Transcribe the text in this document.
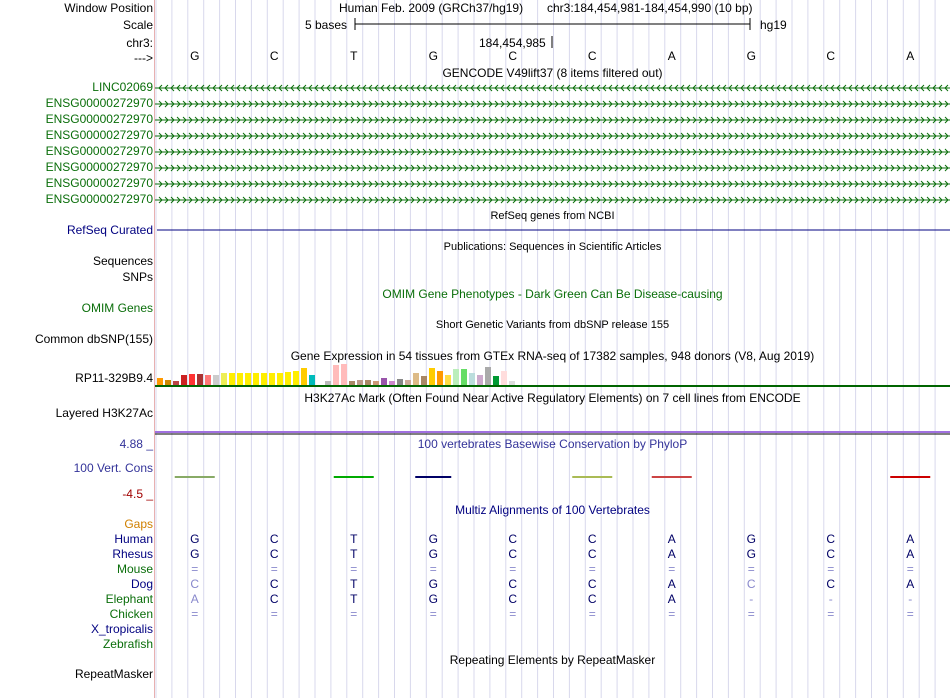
Window Position	Human Feb. 2009 (GRCh37/hg19) chr3:184,454,981-184,454,990 (10 bp)
Scale	5 bases	hg19
chr3:	184,454,985
--->	G	C	T	G	C	C	A	G	C	A
GENCODE V49lift37 (8 items filtered out)
LINC02069
ENSG00000272970
ENSG00000272970
ENSG00000272970
ENSG00000272970
ENSG00000272970
ENSG00000272970
ENSG00000272970
RefSeq genes from NCBI
RefSeq Curated
Publications: Sequences in Scientific Articles
Sequences
SNPs
OMIM Gene Phenotypes - Dark Green Can Be Disease-causing
OMIM Genes
Short Genetic Variants from dbSNP release 155
Common dbSNP(155)
Gene Expression in 54 tissues from GTEx RNA-seq of 17382 samples, 948 donors (V8, Aug 2019)
RP11-329B9.4
H3K27Ac Mark (Often Found Near Active Regulatory Elements) on 7 cell lines from ENCODE
Layered H3K27Ac
100 vertebrates Basewise Conservation by PhyloP
4.88 _
100 Vert. Cons
-4.5 _
Multiz Alignments of 100 Vertebrates
Gaps
Human	G	C	T	G	C	C	A	G	C	A
Rhesus	G	C	T	G	C	C	A	G	C	A
Mouse	=	=	=	=	=	=	=	=	=	=
Dog	C	C	T	G	C	C	A	C	C	A
Elephant	A	C	T	G	C	C	A	-	-	-
Chicken	=	=	=	=	=	=	=	=	=	=
X_tropicalis
Zebrafish
Repeating Elements by RepeatMasker
RepeatMasker
